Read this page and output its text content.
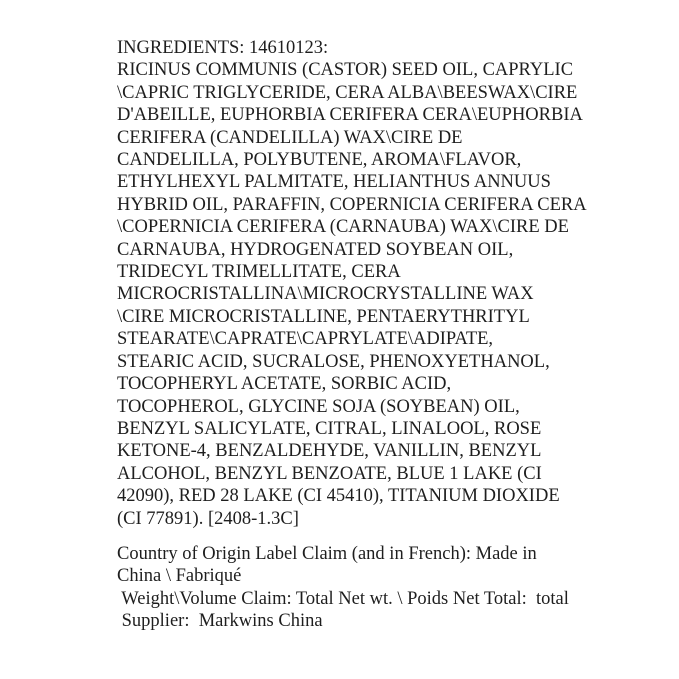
INGREDIENTS: 14610123:
RICINUS COMMUNIS (CASTOR) SEED OIL, CAPRYLIC
\CAPRIC TRIGLYCERIDE, CERA ALBA\BEESWAX\CIRE
D'ABEILLE, EUPHORBIA CERIFERA CERA\EUPHORBIA
CERIFERA (CANDELILLA) WAX\CIRE DE
CANDELILLA, POLYBUTENE, AROMA\FLAVOR,
ETHYLHEXYL PALMITATE, HELIANTHUS ANNUUS
HYBRID OIL, PARAFFIN, COPERNICIA CERIFERA CERA
\COPERNICIA CERIFERA (CARNAUBA) WAX\CIRE DE
CARNAUBA, HYDROGENATED SOYBEAN OIL,
TRIDECYL TRIMELLITATE, CERA
MICROCRISTALLINA\MICROCRYSTALLINE WAX
\CIRE MICROCRISTALLINE, PENTAERYTHRITYL
STEARATE\CAPRATE\CAPRYLATE\ADIPATE,
STEARIC ACID, SUCRALOSE, PHENOXYETHANOL,
TOCOPHERYL ACETATE, SORBIC ACID,
TOCOPHEROL, GLYCINE SOJA (SOYBEAN) OIL,
BENZYL SALICYLATE, CITRAL, LINALOOL, ROSE
KETONE-4, BENZALDEHYDE, VANILLIN, BENZYL
ALCOHOL, BENZYL BENZOATE, BLUE 1 LAKE (CI
42090), RED 28 LAKE (CI 45410), TITANIUM DIOXIDE
(CI 77891). [2408-1.3C]
Country of Origin Label Claim (and in French): Made in
China \ Fabriqué
Weight\Volume Claim: Total Net wt. \ Poids Net Total:  total
Supplier:  Markwins China
